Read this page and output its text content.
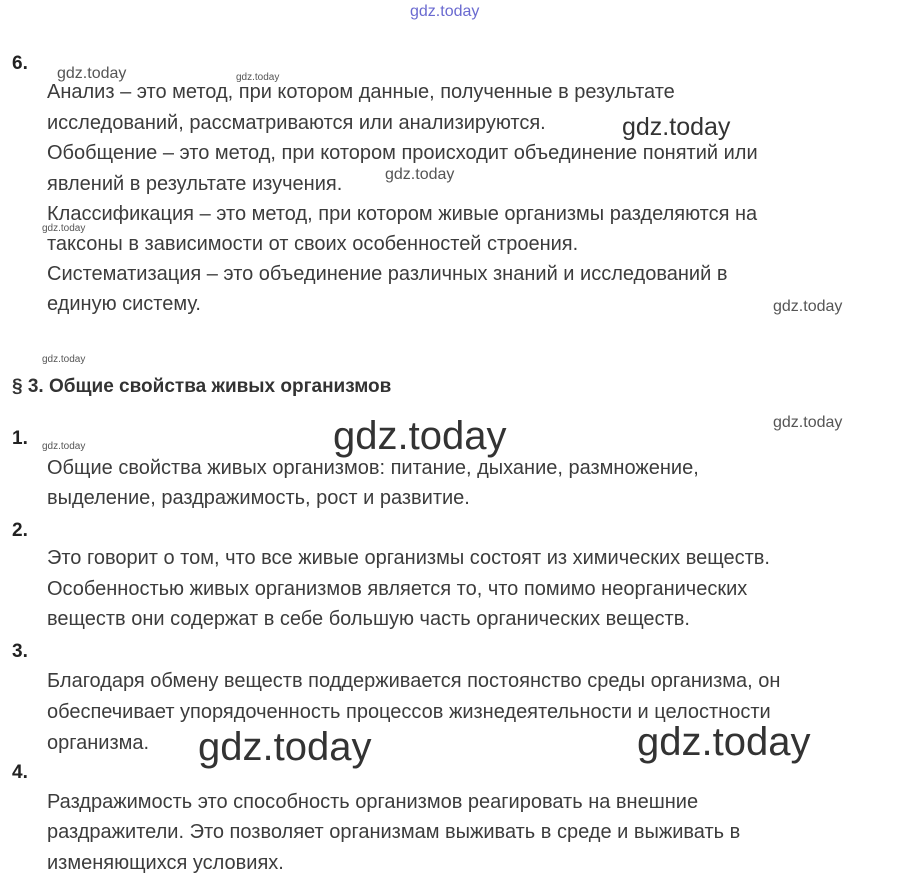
gdz.today
gdz.today	gdz.today
gdz.today
gdz.today
gdz.today
gdz.today
gdz.today
gdz.today
gdz.today
gdz.today
gdz.today	gdz.today
6.
Анализ – это метод, при котором данные, полученные в результате
исследований, рассматриваются или анализируются.
Обобщение – это метод, при котором происходит объединение понятий или
явлений в результате изучения.
Классификация – это метод, при котором живые организмы разделяются на
таксоны в зависимости от своих особенностей строения.
Систематизация – это объединение различных знаний и исследований в
единую систему.
§ 3. Общие свойства живых организмов
1.
Общие свойства живых организмов: питание, дыхание, размножение,
выделение, раздражимость, рост и развитие.
2.
Это говорит о том, что все живые организмы состоят из химических веществ.
Особенностью живых организмов является то, что помимо неорганических
веществ они содержат в себе большую часть органических веществ.
3.
Благодаря обмену веществ поддерживается постоянство среды организма, он
обеспечивает упорядоченность процессов жизнедеятельности и целостности
организма.
4.
Раздражимость это способность организмов реагировать на внешние
раздражители. Это позволяет организмам выживать в среде и выживать в
изменяющихся условиях.
